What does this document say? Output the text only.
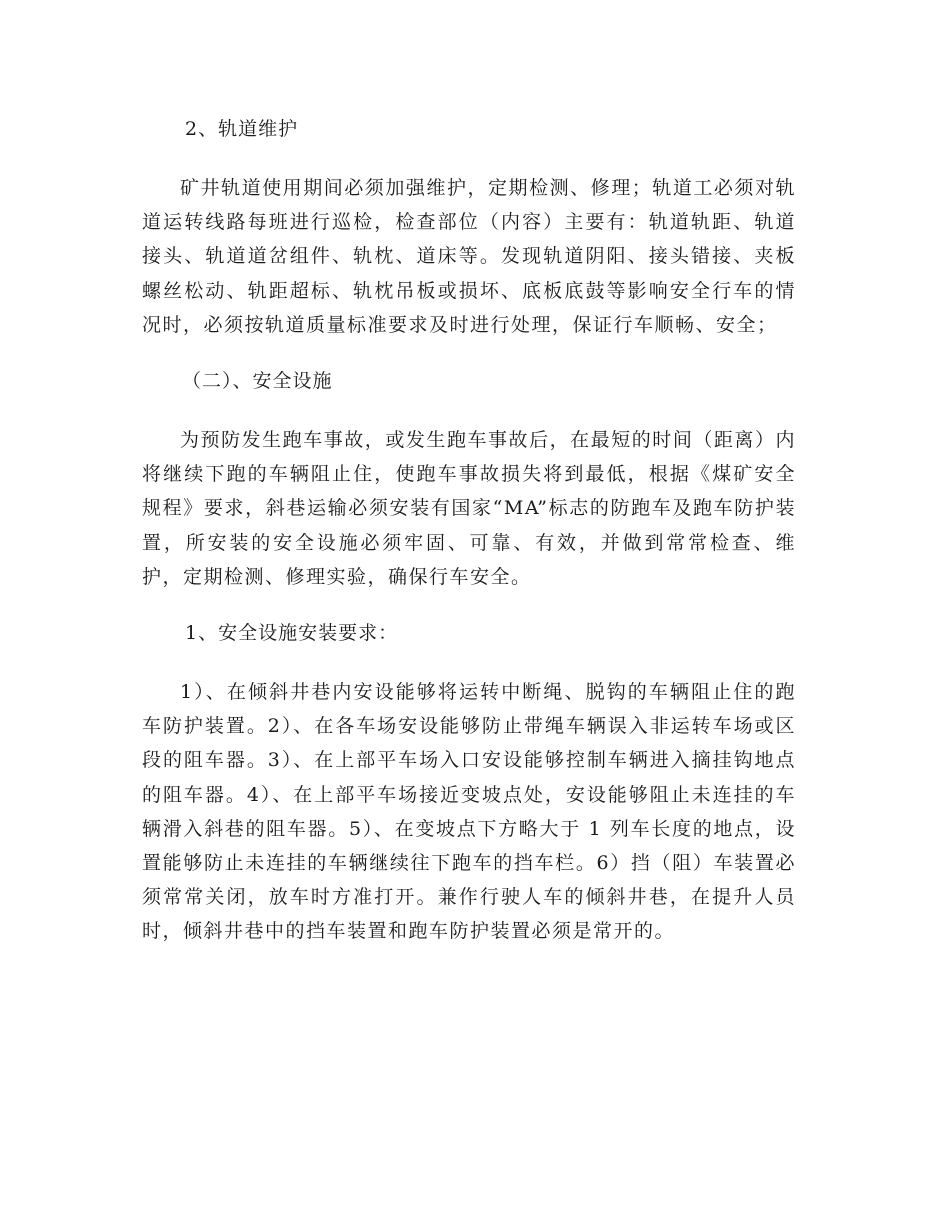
2、轨道维护

矿井轨道使用期间必须加强维护，定期检测、修理；轨道工必须对轨道运转线路每班进行巡检，检查部位（内容）主要有：轨道轨距、轨道接头、轨道道岔组件、轨枕、道床等。发现轨道阴阳、接头错接、夹板螺丝松动、轨距超标、轨枕吊板或损坏、底板底鼓等影响安全行车的情况时，必须按轨道质量标准要求及时进行处理，保证行车顺畅、安全；

（二）、安全设施

为预防发生跑车事故，或发生跑车事故后，在最短的时间（距离）内将继续下跑的车辆阻止住，使跑车事故损失将到最低，根据《煤矿安全规程》要求，斜巷运输必须安装有国家“MA”标志的防跑车及跑车防护装置，所安装的安全设施必须牢固、可靠、有效，并做到常常检查、维护，定期检测、修理实验，确保行车安全。

1、安全设施安装要求：

1）、在倾斜井巷内安设能够将运转中断绳、脱钩的车辆阻止住的跑车防护装置。2）、在各车场安设能够防止带绳车辆误入非运转车场或区段的阻车器。3）、在上部平车场入口安设能够控制车辆进入摘挂钩地点的阻车器。4）、在上部平车场接近变坡点处，安设能够阻止未连挂的车辆滑入斜巷的阻车器。5）、在变坡点下方略大于 1 列车长度的地点，设置能够防止未连挂的车辆继续往下跑车的挡车栏。6）挡（阻）车装置必须常常关闭，放车时方准打开。兼作行驶人车的倾斜井巷，在提升人员时，倾斜井巷中的挡车装置和跑车防护装置必须是常开的。
